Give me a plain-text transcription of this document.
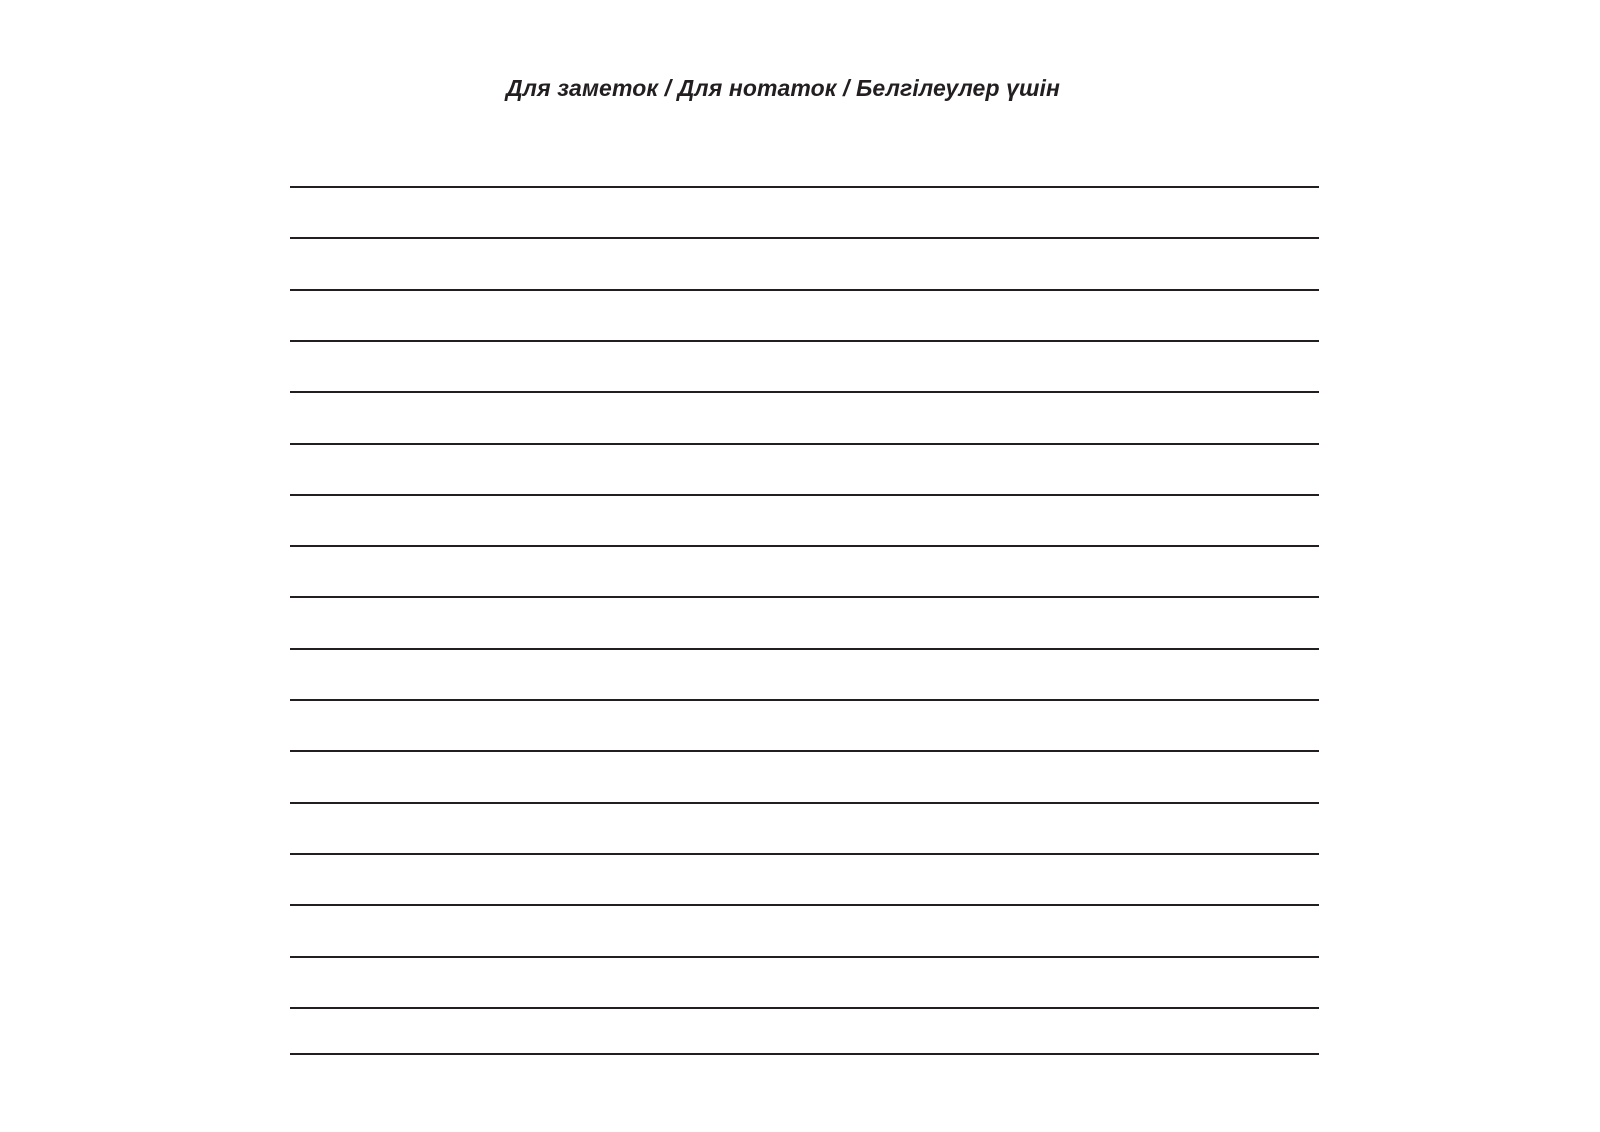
Для заметок / Для нотаток / Белгілеулер үшін
